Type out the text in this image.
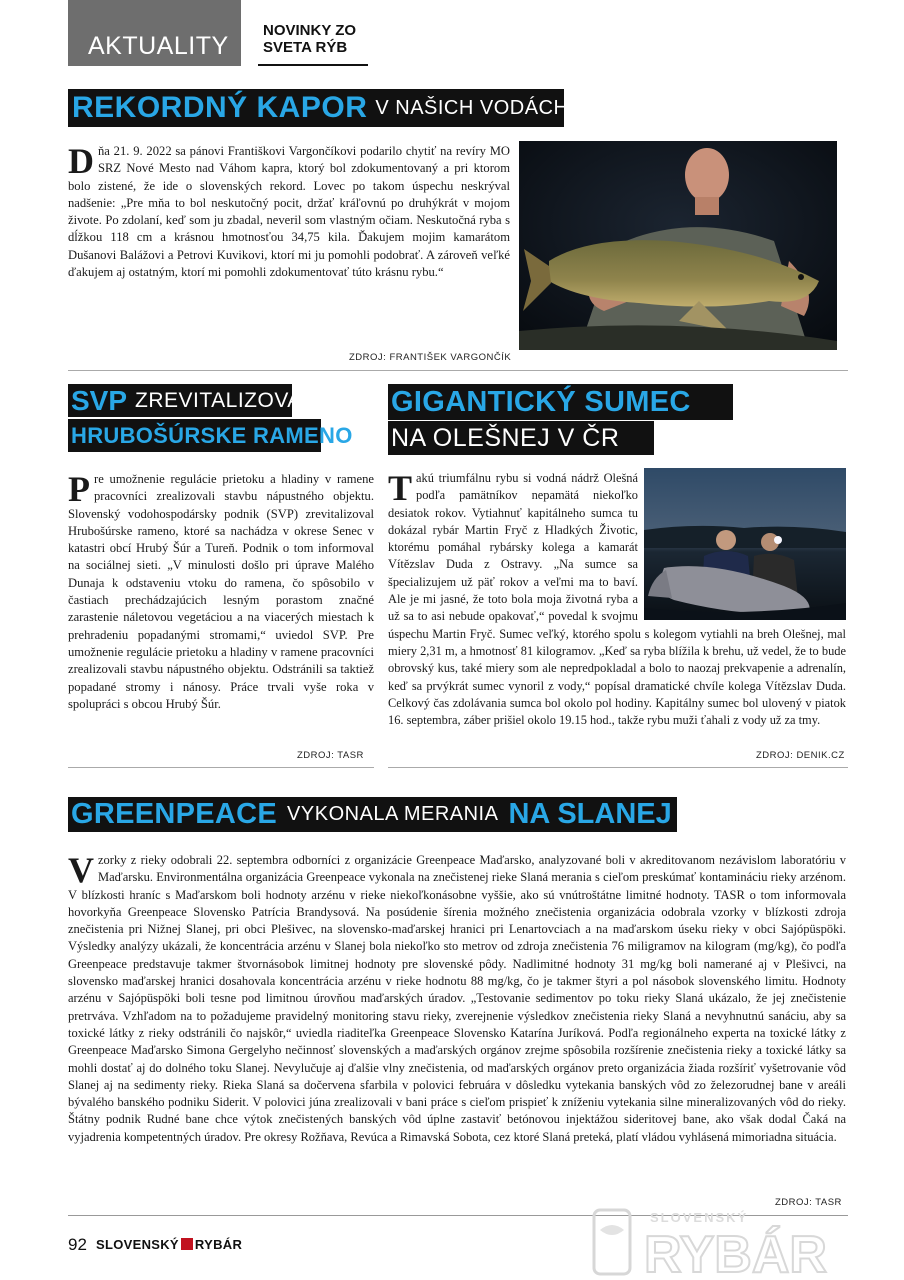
AKTUALITY
NOVINKY ZO
SVETA RÝB
REKORDNÝ KAPOR V NAŠICH VODÁCH!
Dňa 21. 9. 2022 sa pánovi Františkovi Vargončíkovi podarilo chytiť na revíry MO SRZ Nové Mesto nad Váhom kapra, ktorý bol zdokumentovaný a pri ktorom bolo zistené, že ide o slovenských rekord. Lovec po takom úspechu neskrýval nadšenie: „Pre mňa to bol neskutočný pocit, držať kráľovnú po druhýkrát v mojom živote. Po zdolaní, keď som ju zbadal, neveril som vlastným očiam. Neskutočná ryba s dĺžkou 118 cm a krásnou hmotnosťou 34,75 kila. Ďakujem mojim kamarátom Dušanovi Balážovi a Petrovi Kuvikovi, ktorí mi ju pomohli podobrať. A zároveň veľké ďakujem aj ostatným, ktorí mi pomohli zdokumentovať túto krásnu rybu.“
ZDROJ: FRANTIŠEK VARGONČÍK
SVP ZREVITALIZOVAL
HRUBOŠÚRSKE RAMENO
Pre umožnenie regulácie prietoku a hladiny v ramene pracovníci zrealizovali stavbu nápustného objektu. Slovenský vodohospodársky podnik (SVP) zrevitalizoval Hrubošúrske rameno, ktoré sa nachádza v okrese Senec v katastri obcí Hrubý Šúr a Tureň. Podnik o tom informoval na sociálnej sieti. „V minulosti došlo pri úprave Malého Dunaja k odstaveniu vtoku do ramena, čo spôsobilo v častiach prechádzajúcich lesným porastom značné zarastenie náletovou vegetáciou a na viacerých miestach k prehradeniu popadanými stromami,“ uviedol SVP. Pre umožnenie regulácie prietoku a hladiny v ramene pracovníci zrealizovali stavbu nápustného objektu. Odstránili sa taktiež popadané stromy i nánosy. Práce trvali vyše roka v spolupráci s obcou Hrubý Šúr.
ZDROJ: TASR
GIGANTICKÝ SUMEC
NA OLEŠNEJ V ČR
Takú triumfálnu rybu si vodná nádrž Olešná podľa pamätníkov nepamätá niekoľko desiatok rokov. Vytiahnuť kapitálneho sumca tu dokázal rybár Martin Fryč z Hladkých Životic, ktorému pomáhal rybársky kolega a kamarát Vítězslav Duda z Ostravy. „Na sumce sa špecializujem už päť rokov a veľmi ma to baví. Ale je mi jasné, že toto bola moja životná ryba a už sa to asi nebude opakovať,“ povedal k svojmu úspechu Martin Fryč. Sumec veľký, ktorého spolu s kolegom vytiahli na breh Olešnej, mal miery 2,31 m, a hmotnosť 81 kilogramov. „Keď sa ryba blížila k brehu, už vedel, že to bude obrovský kus, také miery som ale nepredpokladal a bolo to naozaj prekvapenie a adrenalín, keď sa prvýkrát sumec vynoril z vody,“ popísal dramatické chvíle kolega Vítězslav Duda. Celkový čas zdolávania sumca bol okolo pol hodiny. Kapitálny sumec bol ulovený v piatok 16. septembra, záber prišiel okolo 19.15 hod., takže rybu muži ťahali z vody už za tmy.
ZDROJ: DENIK.CZ
GREENPEACE VYKONALA MERANIA NA SLANEJ
Vzorky z rieky odobrali 22. septembra odborníci z organizácie Greenpeace Maďarsko, analyzované boli v akreditovanom nezávislom laboratóriu v Maďarsku. Environmentálna organizácia Greenpeace vykonala na znečistenej rieke Slaná merania s cieľom preskúmať kontamináciu rieky arzénom. V blízkosti hraníc s Maďarskom boli hodnoty arzénu v rieke niekoľkonásobne vyššie, ako sú vnútroštátne limitné hodnoty. TASR o tom informovala hovorkyňa Greenpeace Slovensko Patrícia Brandysová. Na posúdenie šírenia možného znečistenia organizácia odobrala vzorky v blízkosti zdroja znečistenia pri Nižnej Slanej, pri obci Plešivec, na slovensko-maďarskej hranici pri Lenartovciach a na maďarskom úseku rieky v obci Sajópüspöki. Výsledky analýzy ukázali, že koncentrácia arzénu v Slanej bola niekoľko sto metrov od zdroja znečistenia 76 miligramov na kilogram (mg/kg), čo podľa Greenpeace predstavuje takmer štvornásobok limitnej hodnoty pre slovenské pôdy. Nadlimitné hodnoty 31 mg/kg boli namerané aj v Plešivci, na slovensko maďarskej hranici dosahovala koncentrácia arzénu v rieke hodnotu 88 mg/kg, čo je takmer štyri a pol násobok slovenského limitu. Hodnoty arzénu v Sajópüspöki boli tesne pod limitnou úrovňou maďarských úradov. „Testovanie sedimentov po toku rieky Slaná ukázalo, že jej znečistenie pretrváva. Vzhľadom na to požadujeme pravidelný monitoring stavu rieky, zverejnenie výsledkov znečistenia rieky Slaná a nevyhnutnú sanáciu, aby sa toxické látky z rieky odstránili čo najskôr,“ uviedla riaditeľka Greenpeace Slovensko Katarína Juríková. Podľa regionálneho experta na toxické látky z Greenpeace Maďarsko Simona Gergelyho nečinnosť slovenských a maďarských orgánov zrejme spôsobila rozšírenie znečistenia rieky a toxické látky sa mohli dostať aj do dolného toku Slanej. Nevylučuje aj ďalšie vlny znečistenia, od maďarských orgánov preto organizácia žiada rozšíriť vyšetrovanie vôd Slanej aj na sedimenty rieky. Rieka Slaná sa dočervena sfarbila v polovici februára v dôsledku vytekania banských vôd zo železorudnej bane v areáli bývalého banského podniku Siderit. V polovici júna zrealizovali v bani práce s cieľom prispieť k zníženiu vytekania silne mineralizovaných vôd do rieky. Štátny podnik Rudné bane chce výtok znečistených banských vôd úplne zastaviť betónovou injektážou sideritovej bane, ako však dodal Čaká na vyjadrenia kompetentných úradov. Pre okresy Rožňava, Revúca a Rimavská Sobota, cez ktoré Slaná preteká, platí vládou vyhlásená mimoriadna situácia.
ZDROJ: TASR
92 SLOVENSKÝ RYBÁR
SLOVENSKÝ
RYBÁR
